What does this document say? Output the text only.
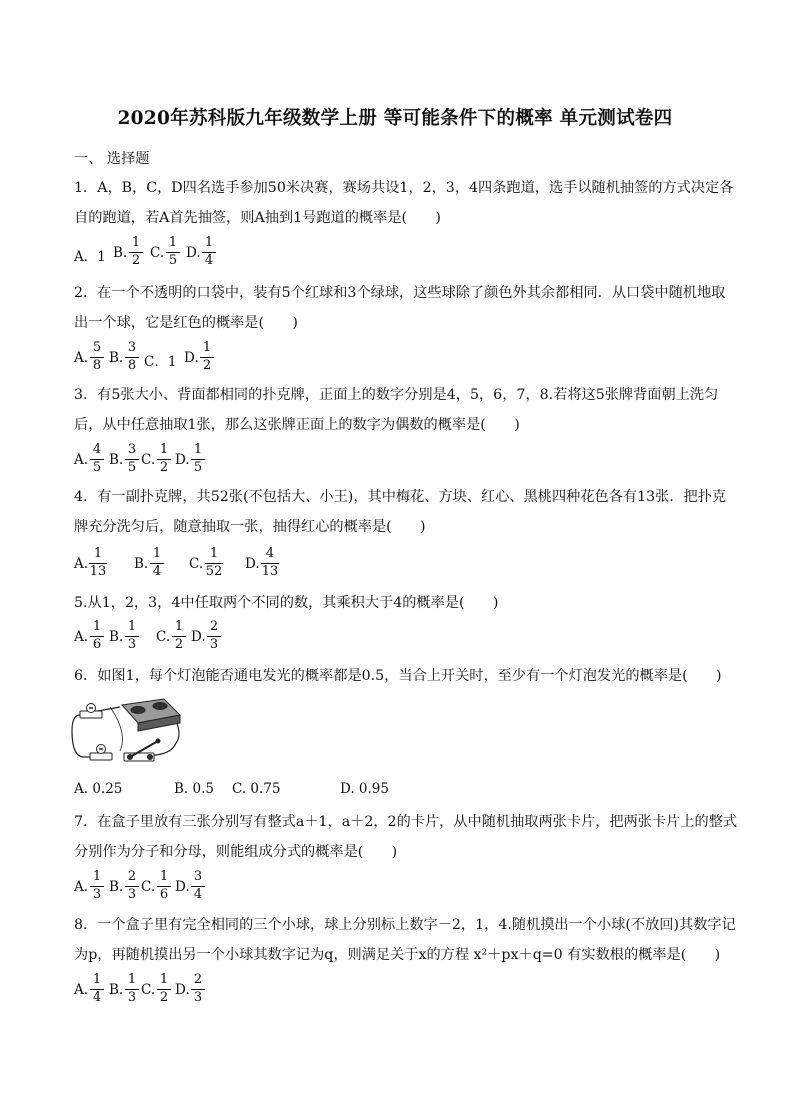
2020年苏科版九年级数学上册 等可能条件下的概率 单元测试卷四
一、 选择题
1．A，B，C，D四名选手参加50米决赛，赛场共设1，2，3，4四条跑道，选手以随机抽签的方式决定各
自的跑道，若A首先抽签，则A抽到1号跑道的概率是(　　)
A．1 B.
1
2 C.
1
5 D.
1
4
2．在一个不透明的口袋中，装有5个红球和3个绿球，这些球除了颜色外其余都相同．从口袋中随机地取
出一个球，它是红色的概率是(　　)
A.
5
8 B.
3
8 C．1 D.
1
2
3．有5张大小、背面都相同的扑克牌，正面上的数字分别是4，5，6，7，8.若将这5张牌背面朝上洗匀
后，从中任意抽取1张，那么这张牌正面上的数字为偶数的概率是(　　)
A.
4
5 B.
3
5 C.
1
2 D.
1
5
4．有一副扑克牌，共52张(不包括大、小王)，其中梅花、方块、红心、黑桃四种花色各有13张．把扑克
牌充分洗匀后，随意抽取一张，抽得红心的概率是(　　)
A.
1
13 B.
1
4	C.
1
52 D.
4
13
5.从1，2，3，4中任取两个不同的数，其乘积大于4的概率是(　　)
A.
1
6 B.
1
3	C.
1
2 D.
2
3
6．如图1，每个灯泡能否通电发光的概率都是0.5，当合上开关时，至少有一个灯泡发光的概率是(　　)
A. 0.25	B. 0.5 C. 0.75	D. 0.95
7．在盒子里放有三张分别写有整式a＋1，a＋2，2的卡片，从中随机抽取两张卡片，把两张卡片上的整式
分别作为分子和分母，则能组成分式的概率是(　　)
A.
1
3 B.
2
3 C.
1
6 D.
3
4
8．一个盒子里有完全相同的三个小球，球上分别标上数字－2，1，4.随机摸出一个小球(不放回)其数字记
为p，再随机摸出另一个小球其数字记为q，则满足关于x的方程 x²＋px＋q=0 有实数根的概率是(　　)
A.
1
4 B.
1
3 C.
1
2 D.
2
3
